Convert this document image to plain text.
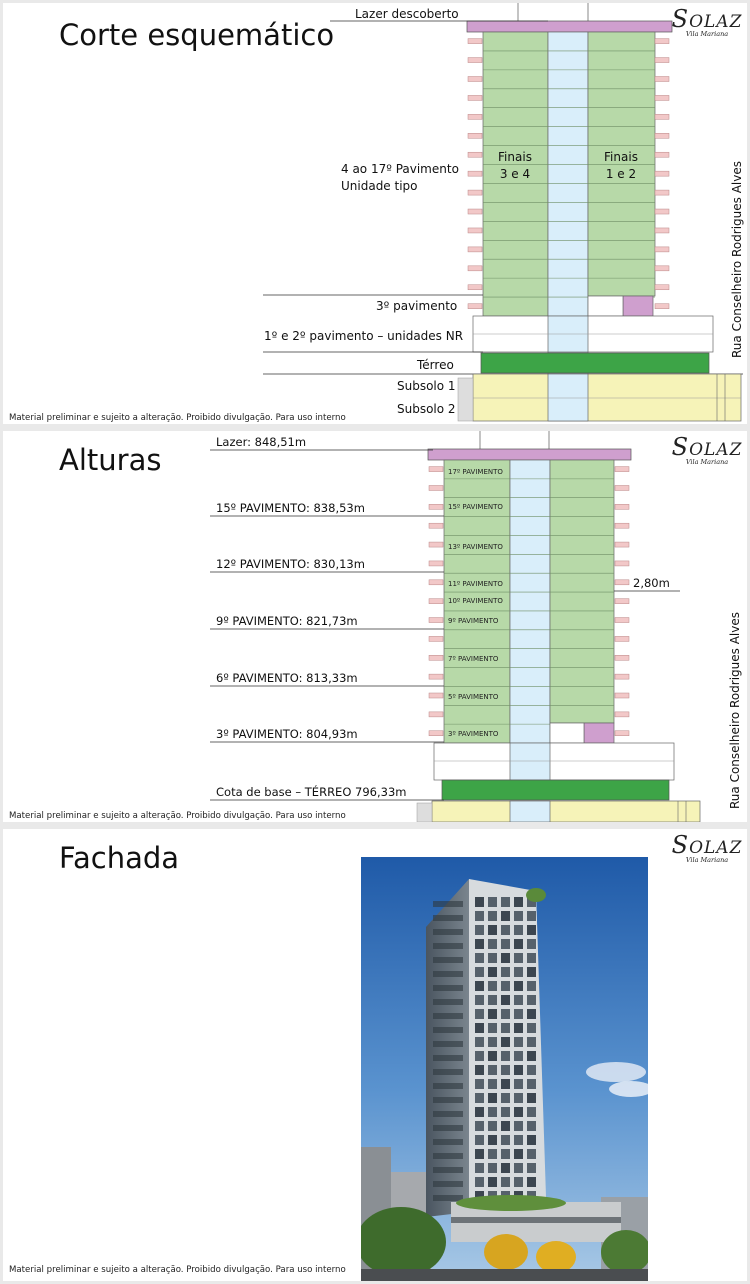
Corte esquemático	SOLAZ
Vila Mariana
Lazer descoberto
4 ao 17º Pavimento
Unidade tipo
Finais
3 e 4
Finais
1 e 2
3º pavimento
1º e 2º pavimento – unidades NR
Térreo
Subsolo 1
Subsolo 2
Rua Conselheiro Rodrigues Alves
Material preliminar e sujeito a alteração. Proibido divulgação. Para uso interno
Alturas	SOLAZ
Vila Mariana
Lazer: 848,51m
15º PAVIMENTO: 838,53m
12º PAVIMENTO: 830,13m
9º PAVIMENTO: 821,73m
6º PAVIMENTO: 813,33m
3º PAVIMENTO: 804,93m
Cota de base – TÉRREO 796,33m
2,80m
17º PAVIMENTO
15º PAVIMENTO
13º PAVIMENTO
11º PAVIMENTO
10º PAVIMENTO
9º PAVIMENTO
7º PAVIMENTO
5º PAVIMENTO
3º PAVIMENTO	Rua Conselheiro Rodrigues Alves
Material preliminar e sujeito a alteração. Proibido divulgação. Para uso interno
Fachada	SOLAZ
Vila Mariana
Material preliminar e sujeito a alteração. Proibido divulgação. Para uso interno
